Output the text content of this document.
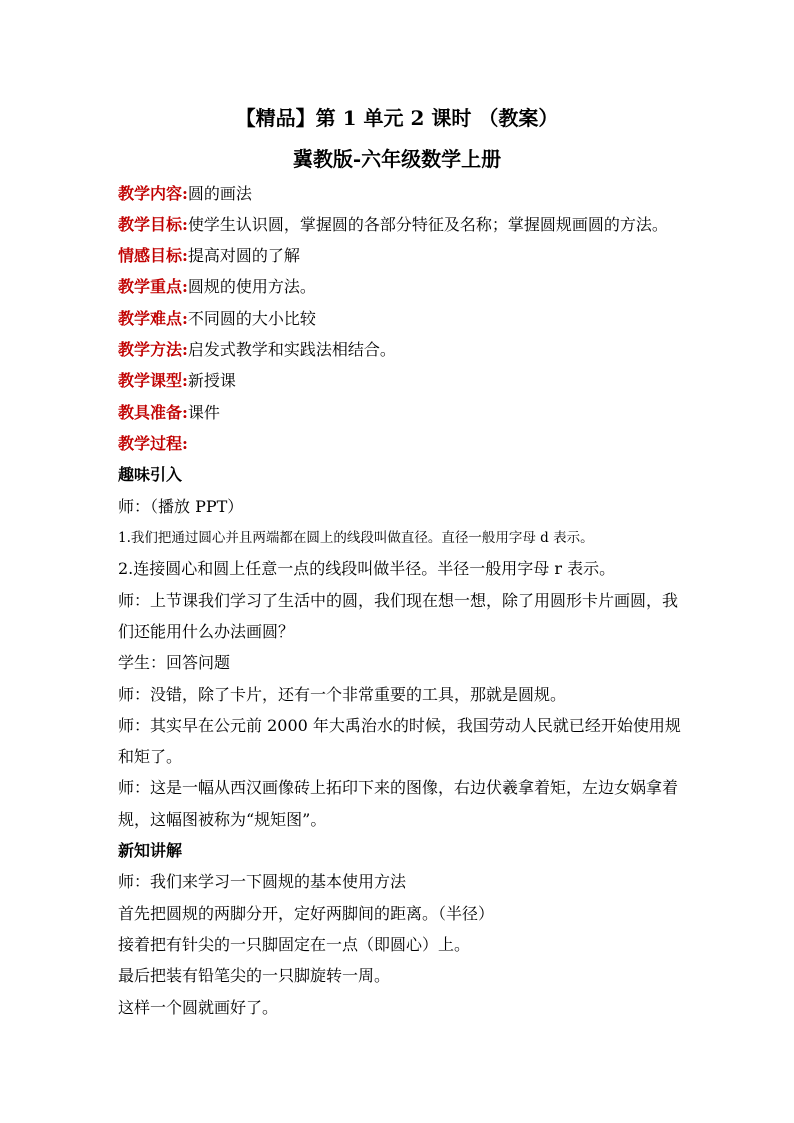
【精品】第 1 单元 2 课时 （教案）
冀教版-六年级数学上册
教学内容:圆的画法
教学目标:使学生认识圆，掌握圆的各部分特征及名称；掌握圆规画圆的方法。
情感目标:提高对圆的了解
教学重点:圆规的使用方法。
教学难点:不同圆的大小比较
教学方法:启发式教学和实践法相结合。
教学课型:新授课
教具准备:课件
教学过程:
趣味引入
师：（播放 PPT）
1.我们把通过圆心并且两端都在圆上的线段叫做直径。直径一般用字母 d 表示。
2.连接圆心和圆上任意一点的线段叫做半径。半径一般用字母 r 表示。
师：上节课我们学习了生活中的圆，我们现在想一想，除了用圆形卡片画圆，我
们还能用什么办法画圆？
学生：回答问题
师：没错，除了卡片，还有一个非常重要的工具，那就是圆规。
师：其实早在公元前 2000 年大禹治水的时候，我国劳动人民就已经开始使用规
和矩了。
师：这是一幅从西汉画像砖上拓印下来的图像，右边伏羲拿着矩，左边女娲拿着
规，这幅图被称为“规矩图”。
新知讲解
师：我们来学习一下圆规的基本使用方法
首先把圆规的两脚分开，定好两脚间的距离。（半径）
接着把有针尖的一只脚固定在一点（即圆心）上。
最后把装有铅笔尖的一只脚旋转一周。
这样一个圆就画好了。
